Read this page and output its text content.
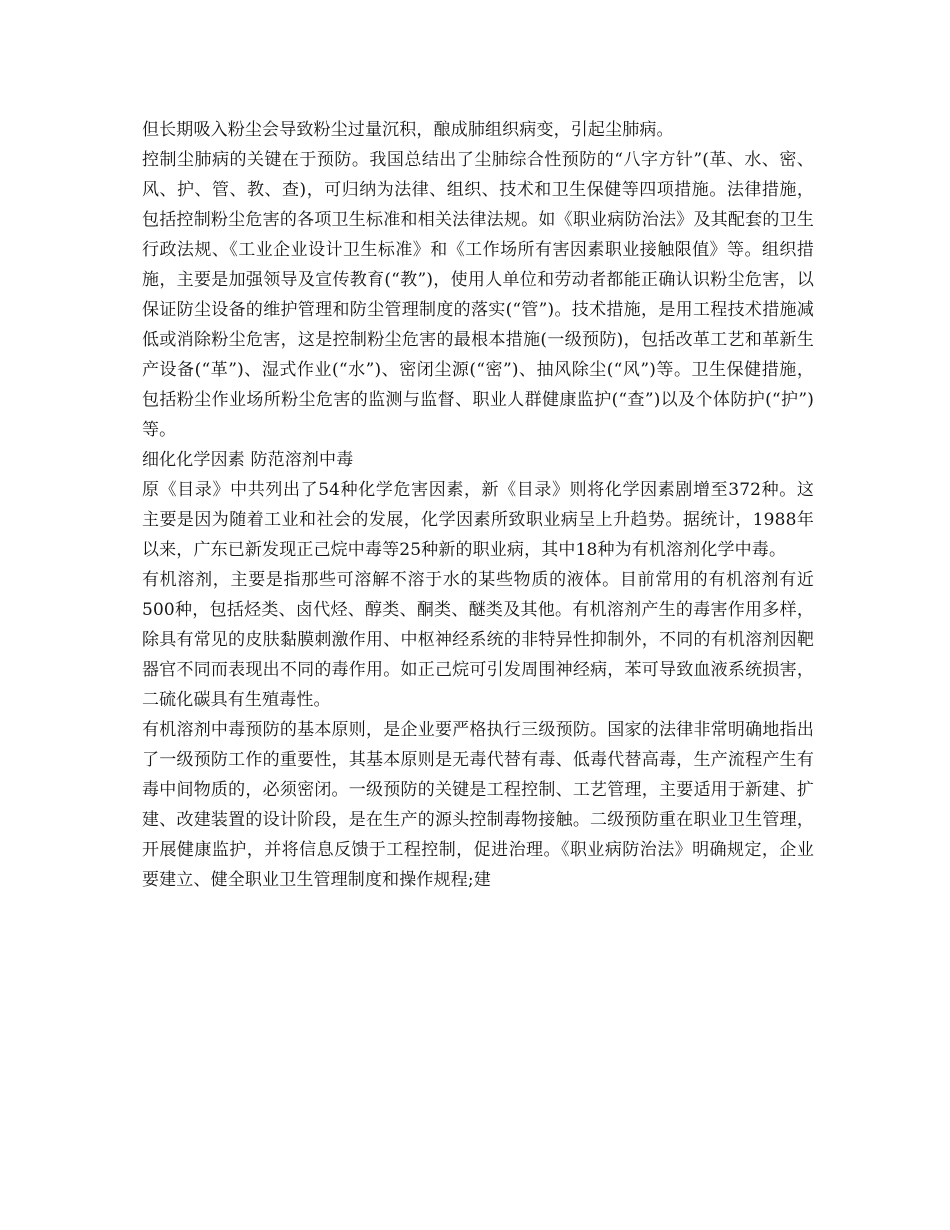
但长期吸入粉尘会导致粉尘过量沉积，酿成肺组织病变，引起尘肺病。

控制尘肺病的关键在于预防。我国总结出了尘肺综合性预防的“八字方针”(革、水、密、风、护、管、教、查)，可归纳为法律、组织、技术和卫生保健等四项措施。法律措施，包括控制粉尘危害的各项卫生标准和相关法律法规。如《职业病防治法》及其配套的卫生行政法规、《工业企业设计卫生标准》和《工作场所有害因素职业接触限值》等。组织措施，主要是加强领导及宣传教育(“教”)，使用人单位和劳动者都能正确认识粉尘危害，以保证防尘设备的维护管理和防尘管理制度的落实(“管”)。技术措施，是用工程技术措施减低或消除粉尘危害，这是控制粉尘危害的最根本措施(一级预防)，包括改革工艺和革新生产设备(“革”)、湿式作业(“水”)、密闭尘源(“密”)、抽风除尘(“风”)等。卫生保健措施，包括粉尘作业场所粉尘危害的监测与监督、职业人群健康监护(“查”)以及个体防护(“护”)等。

细化化学因素 防范溶剂中毒

原《目录》中共列出了54种化学危害因素，新《目录》则将化学因素剧增至372种。这主要是因为随着工业和社会的发展，化学因素所致职业病呈上升趋势。据统计，1988年以来，广东已新发现正己烷中毒等25种新的职业病，其中18种为有机溶剂化学中毒。

有机溶剂，主要是指那些可溶解不溶于水的某些物质的液体。目前常用的有机溶剂有近500种，包括烃类、卤代烃、醇类、酮类、醚类及其他。有机溶剂产生的毒害作用多样，除具有常见的皮肤黏膜刺激作用、中枢神经系统的非特异性抑制外，不同的有机溶剂因靶器官不同而表现出不同的毒作用。如正己烷可引发周围神经病，苯可导致血液系统损害，二硫化碳具有生殖毒性。

有机溶剂中毒预防的基本原则，是企业要严格执行三级预防。国家的法律非常明确地指出了一级预防工作的重要性，其基本原则是无毒代替有毒、低毒代替高毒，生产流程产生有毒中间物质的，必须密闭。一级预防的关键是工程控制、工艺管理，主要适用于新建、扩建、改建装置的设计阶段，是在生产的源头控制毒物接触。二级预防重在职业卫生管理，开展健康监护，并将信息反馈于工程控制，促进治理。《职业病防治法》明确规定，企业要建立、健全职业卫生管理制度和操作规程;建
